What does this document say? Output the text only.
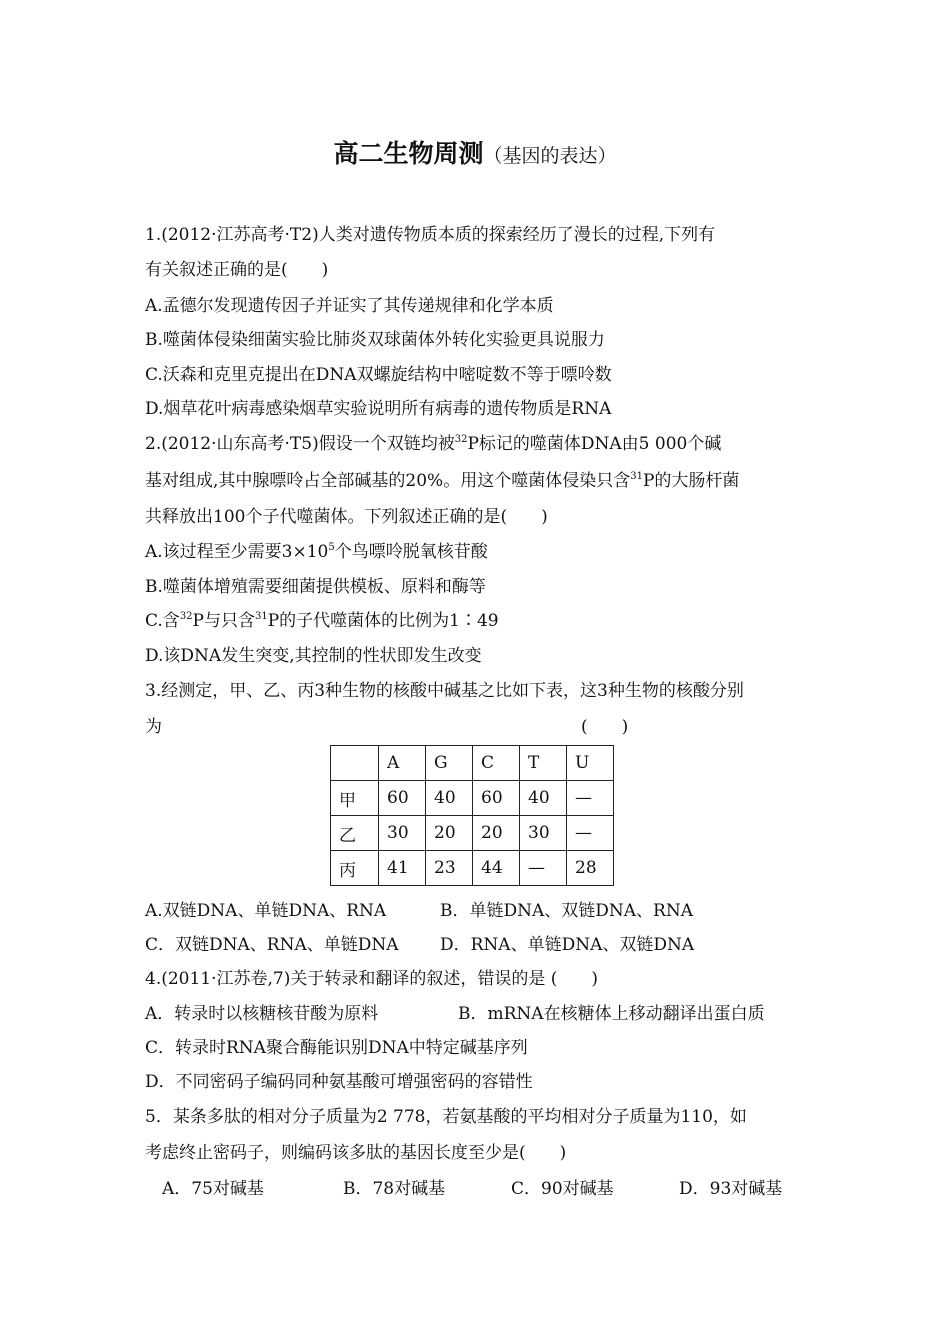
高二生物周测（基因的表达）
1.(2012·江苏高考·T2)人类对遗传物质本质的探索经历了漫长的过程,下列有
有关叙述正确的是(　　)
A.孟德尔发现遗传因子并证实了其传递规律和化学本质
B.噬菌体侵染细菌实验比肺炎双球菌体外转化实验更具说服力
C.沃森和克里克提出在DNA双螺旋结构中嘧啶数不等于嘌呤数
D.烟草花叶病毒感染烟草实验说明所有病毒的遗传物质是RNA
2.(2012·山东高考·T5)假设一个双链均被$^{32}$P标记的噬菌体DNA由5 000个碱
基对组成,其中腺嘌呤占全部碱基的20%。用这个噬菌体侵染只含$^{31}$P的大肠杆菌
共释放出100个子代噬菌体。下列叙述正确的是(　　)
A.该过程至少需要$3\times 10^5$个鸟嘌呤脱氧核苷酸
B.噬菌体增殖需要细菌提供模板、原料和酶等
C.含$^{32}$P与只含$^{31}$P的子代噬菌体的比例为1∶49
D.该DNA发生突变,其控制的性状即发生改变
3.经测定，甲、乙、丙3种生物的核酸中碱基之比如下表，这3种生物的核酸分别
为	(　　)
	A	G	C	T	U
甲	60	40	60	40	—
乙	30	20	20	30	—
丙	41	23	44	—	28
A.双链DNA、单链DNA、RNA	B．单链DNA、双链DNA、RNA
C．双链DNA、RNA、单链DNA D．RNA、单链DNA、双链DNA
4.(2011·江苏卷,7)关于转录和翻译的叙述，错误的是 (　　)
A．转录时以核糖核苷酸为原料	B．mRNA在核糖体上移动翻译出蛋白质
C．转录时RNA聚合酶能识别DNA中特定碱基序列
D．不同密码子编码同种氨基酸可增强密码的容错性
5．某条多肽的相对分子质量为2 778，若氨基酸的平均相对分子质量为110，如
考虑终止密码子，则编码该多肽的基因长度至少是(　　)
A．75对碱基	B．78对碱基	C．90对碱基	D．93对碱基
